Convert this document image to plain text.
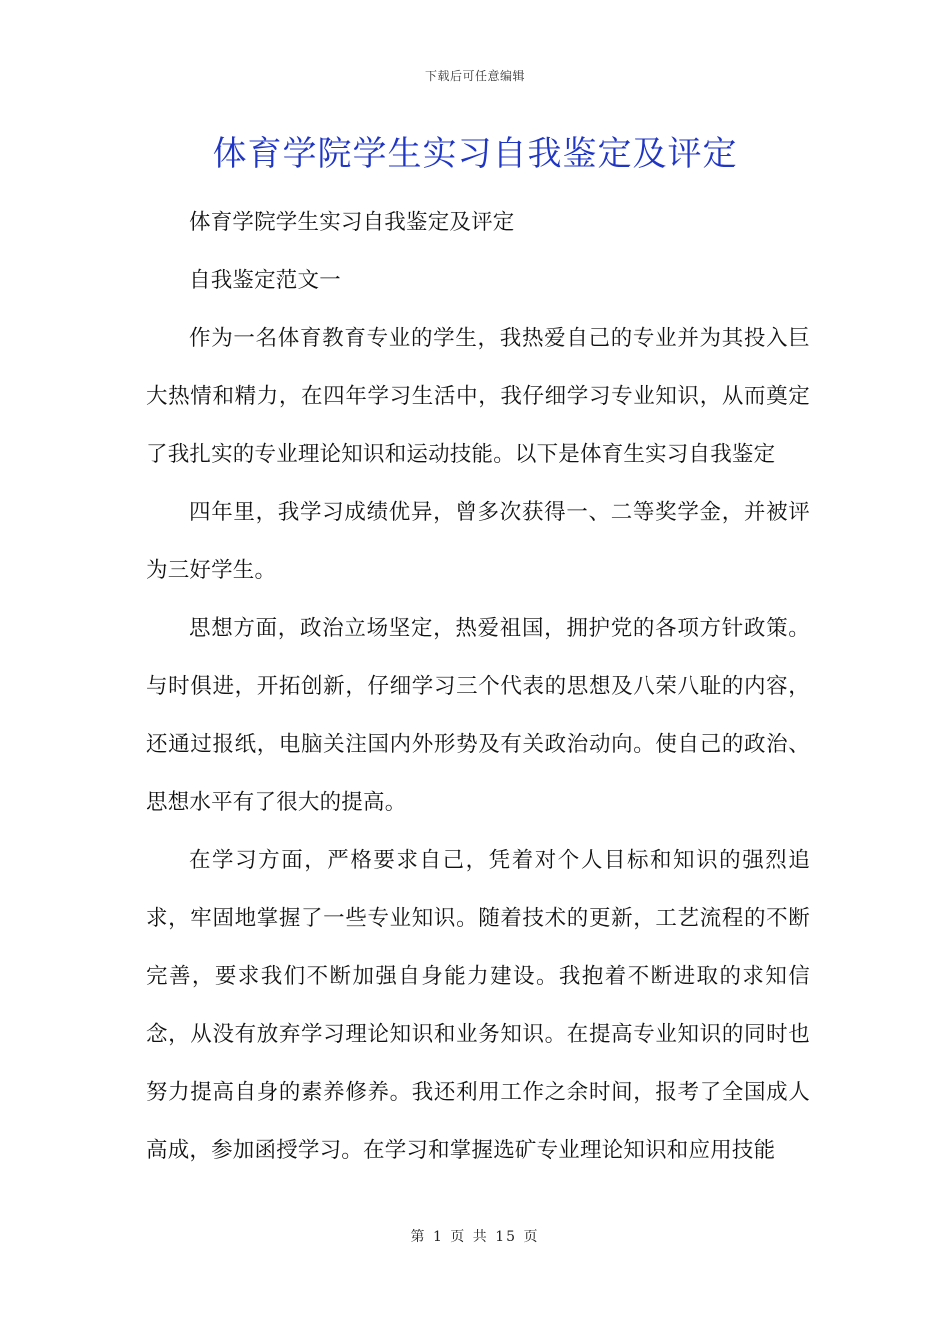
下载后可任意编辑
体育学院学生实习自我鉴定及评定

体育学院学生实习自我鉴定及评定

自我鉴定范文一

作为一名体育教育专业的学生，我热爱自己的专业并为其投入巨大热情和精力，在四年学习生活中，我仔细学习专业知识，从而奠定了我扎实的专业理论知识和运动技能。以下是体育生实习自我鉴定

四年里，我学习成绩优异，曾多次获得一、二等奖学金，并被评为三好学生。

思想方面，政治立场坚定，热爱祖国，拥护党的各项方针政策。与时俱进，开拓创新，仔细学习三个代表的思想及八荣八耻的内容，还通过报纸，电脑关注国内外形势及有关政治动向。使自己的政治、思想水平有了很大的提高。

在学习方面，严格要求自己，凭着对个人目标和知识的强烈追求，牢固地掌握了一些专业知识。随着技术的更新，工艺流程的不断完善，要求我们不断加强自身能力建设。我抱着不断进取的求知信念，从没有放弃学习理论知识和业务知识。在提高专业知识的同时也努力提高自身的素养修养。我还利用工作之余时间，报考了全国成人高成，参加函授学习。在学习和掌握选矿专业理论知识和应用技能

第 1 页 共 15 页
